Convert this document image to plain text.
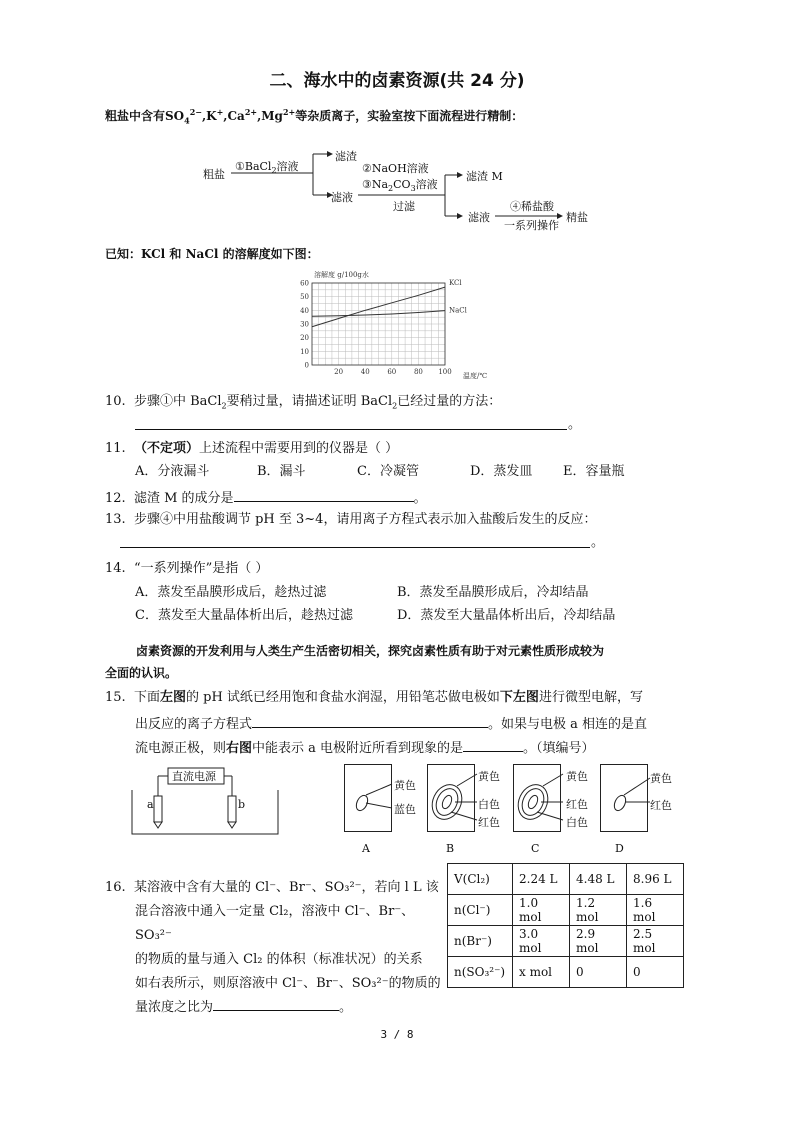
二、海水中的卤素资源(共 24 分)
粗盐中含有$SO_4^{2-},K^+,Ca^{2+},Mg^{2+}$等杂质离子，实验室按下面流程进行精制：
粗盐
①BaCl$_2$溶液
滤渣
滤液
②NaOH溶液
$③Na_2CO_3$溶液
过滤
滤渣 M
滤液
④稀盐酸
一系列操作
精盐
已知：KCl 和 NaCl 的溶解度如下图：
溶解度 g/100g水
温度/℃
0
10
20
30
40
50
60
20	40	60	80 100
KCl
NaCl
10. 步骤①中 BaCl$_2$要稍过量，请描述证明 BaCl$_2$已经过量的方法：
。
11. （不定项）上述流程中需要用到的仪器是（ ）
A．分液漏斗	B．漏斗	C．冷凝管	D．蒸发皿 E．容量瓶
12. 滤渣 M 的成分是	。
13. 步骤④中用盐酸调节 pH 至 3~4，请用离子方程式表示加入盐酸后发生的反应：
。
14. “一系列操作”是指（ ）
A．蒸发至晶膜形成后，趁热过滤	B．蒸发至晶膜形成后，冷却结晶
C．蒸发至大量晶体析出后，趁热过滤	D．蒸发至大量晶体析出后，冷却结晶
卤素资源的开发利用与人类生产生活密切相关，探究卤素性质有助于对元素性质形成较为
全面的认识。
15. 下面左图的 pH 试纸已经用饱和食盐水润湿，用铅笔芯做电极如下左图进行微型电解，写
出反应的离子方程式	。如果与电极 a 相连的是直
流电源正极，则右图中能表示 a 电极附近所看到现象的是	。（填编号）
直流电源
a	b
黄色
蓝色
A
黄色
白色
红色
B
黄色
红色
白色
C
黄色
红色
D
16. 某溶液中含有大量的 Cl⁻、Br⁻、SO₃²⁻，若向 l L 该
混合溶液中通入一定量 Cl₂，溶液中 Cl⁻、Br⁻、SO₃²⁻
的物质的量与通入 Cl₂ 的体积（标准状况）的关系
如右表所示，则原溶液中 Cl⁻、Br⁻、SO₃²⁻的物质的
量浓度之比为	。
V(Cl₂)	2.24 L	4.48 L	8.96 L
n(Cl⁻)	1.0 mol	1.2 mol	1.6 mol
n(Br⁻)	3.0 mol	2.9 mol	2.5 mol
n(SO₃²⁻)	x mol	0	0
3 / 8
